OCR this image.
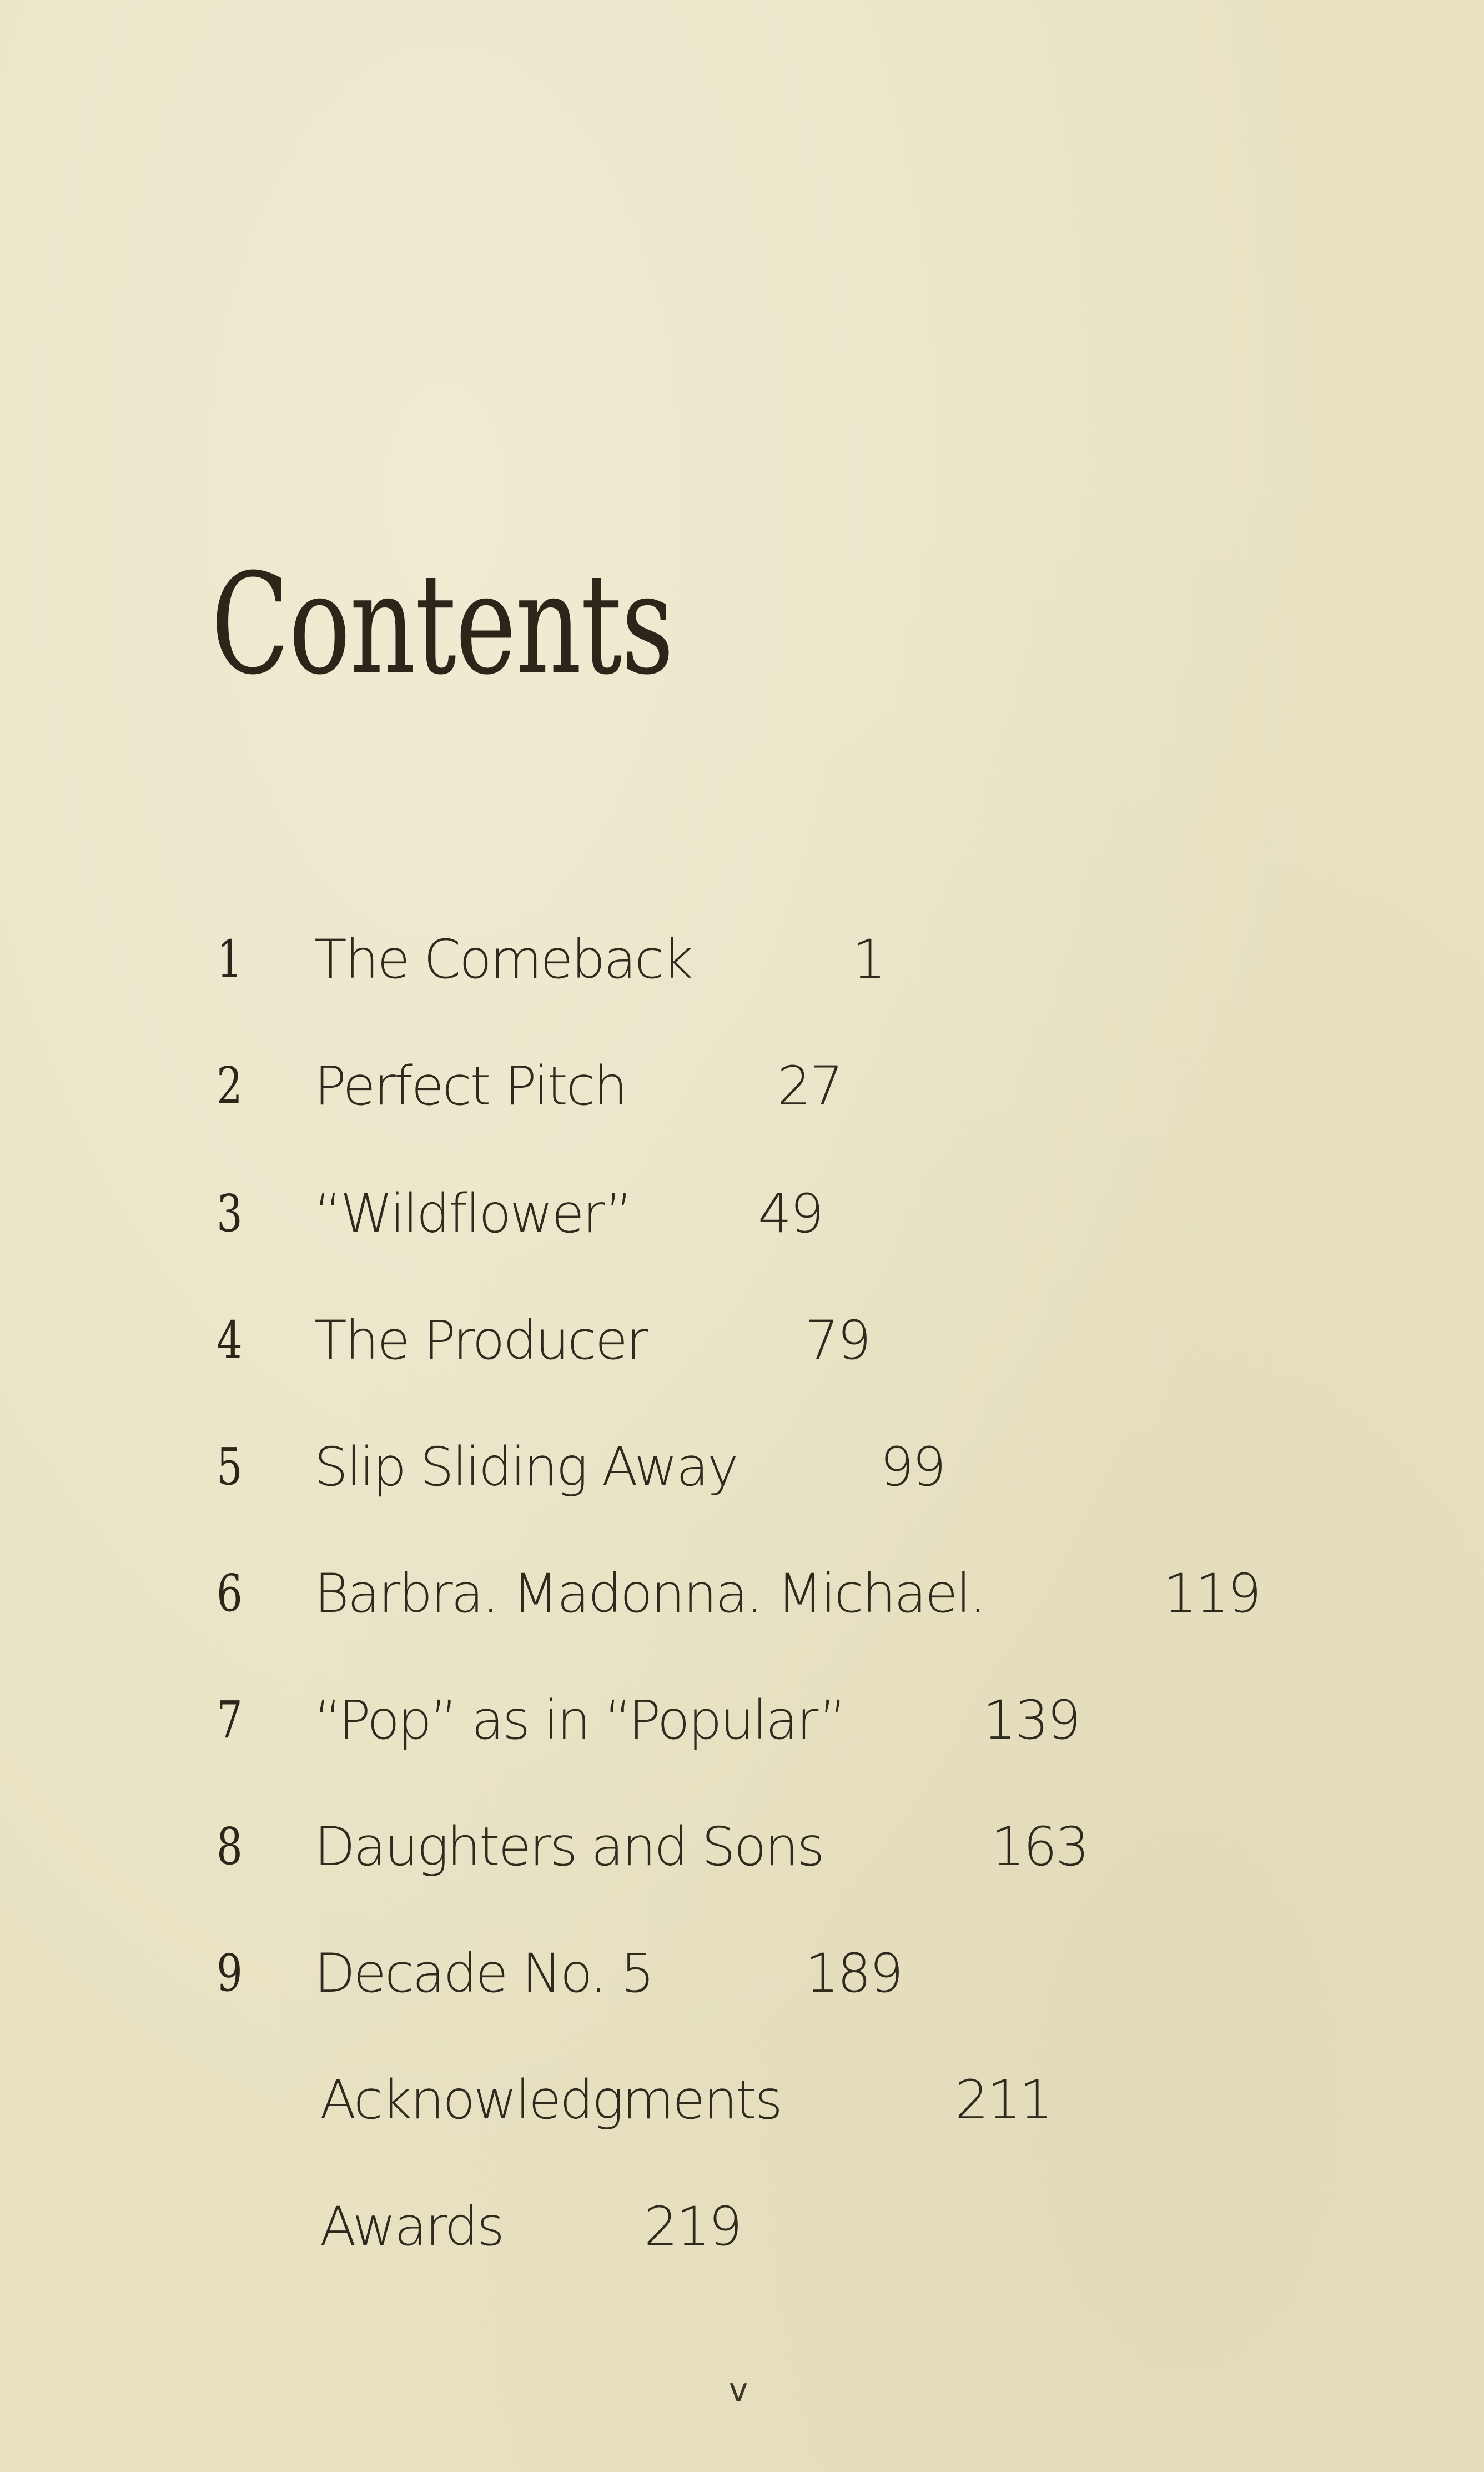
Contents
1 The Comeback	1
2 Perfect Pitch	27
3 “Wildflower” 49
4 The Producer	79
5 Slip Sliding Away	99
6 Barbra. Madonna. Michael.	119
7 “Pop” as in “Popular”	139
8 Daughters and Sons	163
9 Decade No. 5	189
Acknowledgments	211
Awards	219
v
